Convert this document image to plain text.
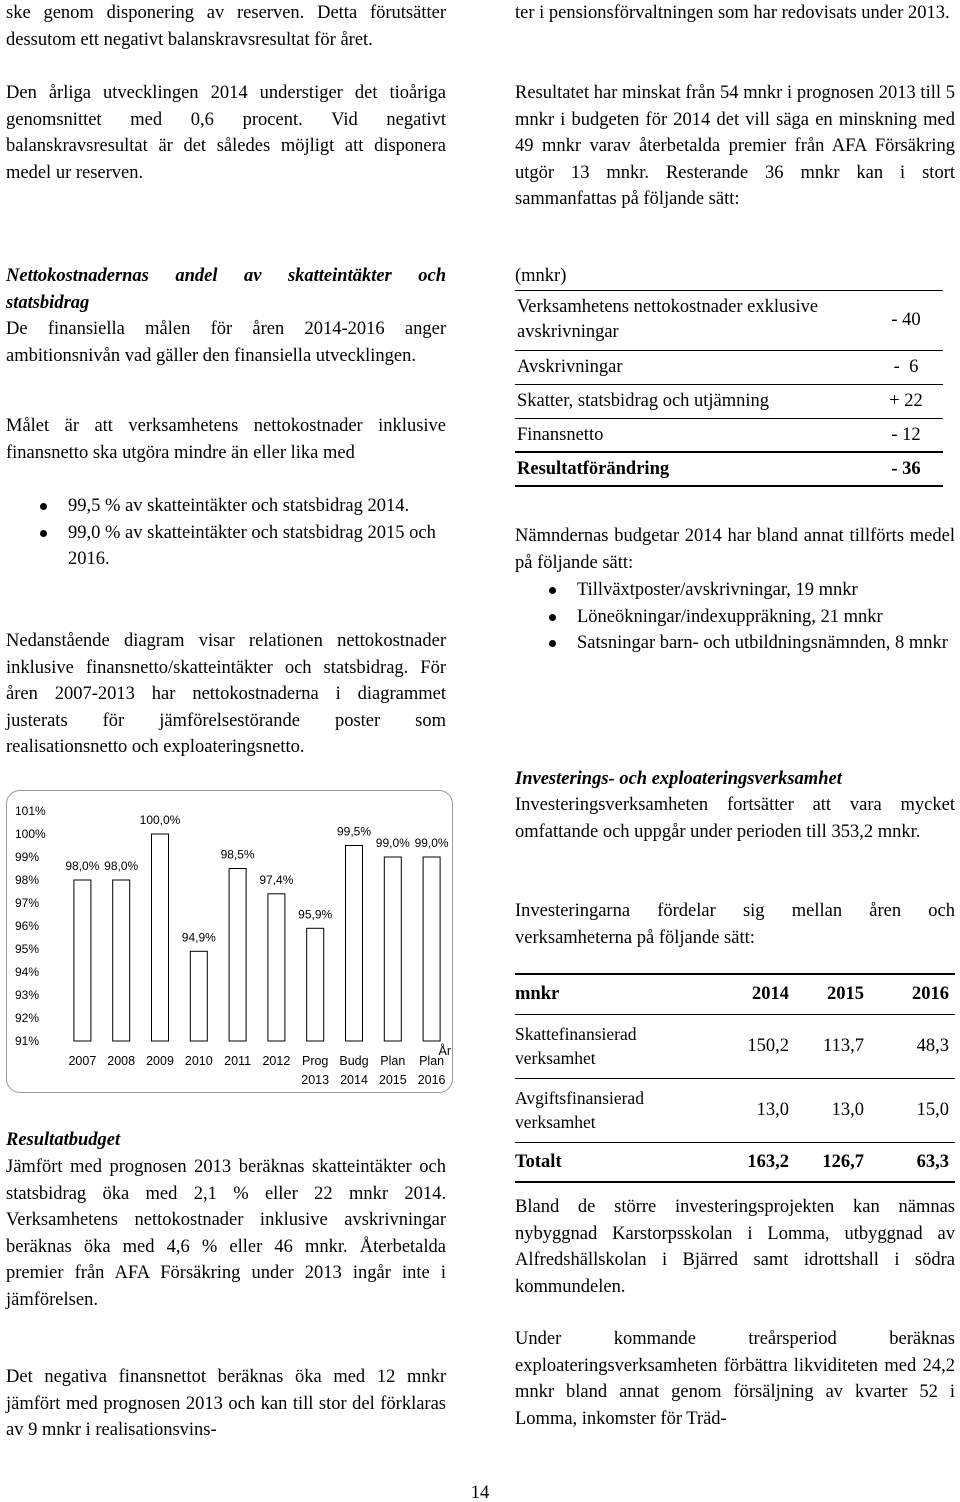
ske genom disponering av reserven. Detta förutsätter dessutom ett negativt balanskravsresultat för året.

Den årliga utvecklingen 2014 understiger det tioåriga genomsnittet med 0,6 procent. Vid negativt balanskravsresultat är det således möjligt att disponera medel ur reserven.

Nettokostnadernas andel av skatteintäkter och statsbidrag

De finansiella målen för åren 2014-2016 anger ambitionsnivån vad gäller den finansiella utvecklingen.

Målet är att verksamhetens nettokostnader inklusive finansnetto ska utgöra mindre än eller lika med

99,5 % av skatteintäkter och statsbidrag 2014.
99,0 % av skatteintäkter och statsbidrag 2015 och 2016.

Nedanstående diagram visar relationen nettokostnader inklusive finansnetto/skatteintäkter och statsbidrag. För åren 2007-2013 har nettokostnaderna i diagrammet justerats för jämförelsestörande poster som realisationsnetto och exploateringsnetto.

Resultatbudget

Jämfört med prognosen 2013 beräknas skatteintäkter och statsbidrag öka med 2,1 % eller 22 mnkr 2014. Verksamhetens nettokostnader inklusive avskrivningar beräknas öka med 4,6 % eller 46 mnkr. Återbetalda premier från AFA Försäkring under 2013 ingår inte i jämförelsen.

Det negativa finansnettot beräknas öka med 12 mnkr jämfört med prognosen 2013 och kan till stor del förklaras av 9 mnkr i realisationsvins-

91%
92%
93%
94%
95%
96%
97%
98%
99%
100%
101%
98,0%
2007
98,0%
2008
100,0%
2009
94,9%
2010
98,5%
2011
97,4%
2012
95,9%
Prog
2013
99,5%
Budg
2014
99,0%
Plan
2015
99,0%
Plan
2016
År

ter i pensionsförvaltningen som har redovisats under 2013.

Resultatet har minskat från 54 mnkr i prognosen 2013 till 5 mnkr i budgeten för 2014 det vill säga en minskning med 49 mnkr varav återbetalda premier från AFA Försäkring utgör 13 mnkr. Resterande 36 mnkr kan i stort sammanfattas på följande sätt:

(mnkr)
Verksamhetens nettokostnader exklusive avskrivningar	- 40
Avskrivningar	-  6
Skatter, statsbidrag och utjämning	+ 22
Finansnetto	- 12
Resultatförändring	- 36

Nämndernas budgetar 2014 har bland annat tillförts medel på följande sätt:

Tillväxtposter/avskrivningar, 19 mnkr
Löneökningar/indexuppräkning, 21 mnkr
Satsningar barn- och utbildningsnämnden, 8 mnkr

Investerings- och exploateringsverksamhet

Investeringsverksamheten fortsätter att vara mycket omfattande och uppgår under perioden till 353,2 mnkr.

Investeringarna fördelar sig mellan åren och verksamheterna på följande sätt:

mnkr	2014	2015	2016
Skattefinansierad verksamhet	150,2	113,7	48,3
Avgiftsfinansierad verksamhet	13,0	13,0	15,0
Totalt	163,2	126,7	63,3

Bland de större investeringsprojekten kan nämnas nybyggnad Karstorpsskolan i Lomma, utbyggnad av Alfredshällskolan i Bjärred samt idrottshall i södra kommundelen.

Under kommande treårsperiod beräknas exploateringsverksamheten förbättra likviditeten med 24,2 mnkr bland annat genom försäljning av kvarter 52 i Lomma, inkomster för Träd-

14
